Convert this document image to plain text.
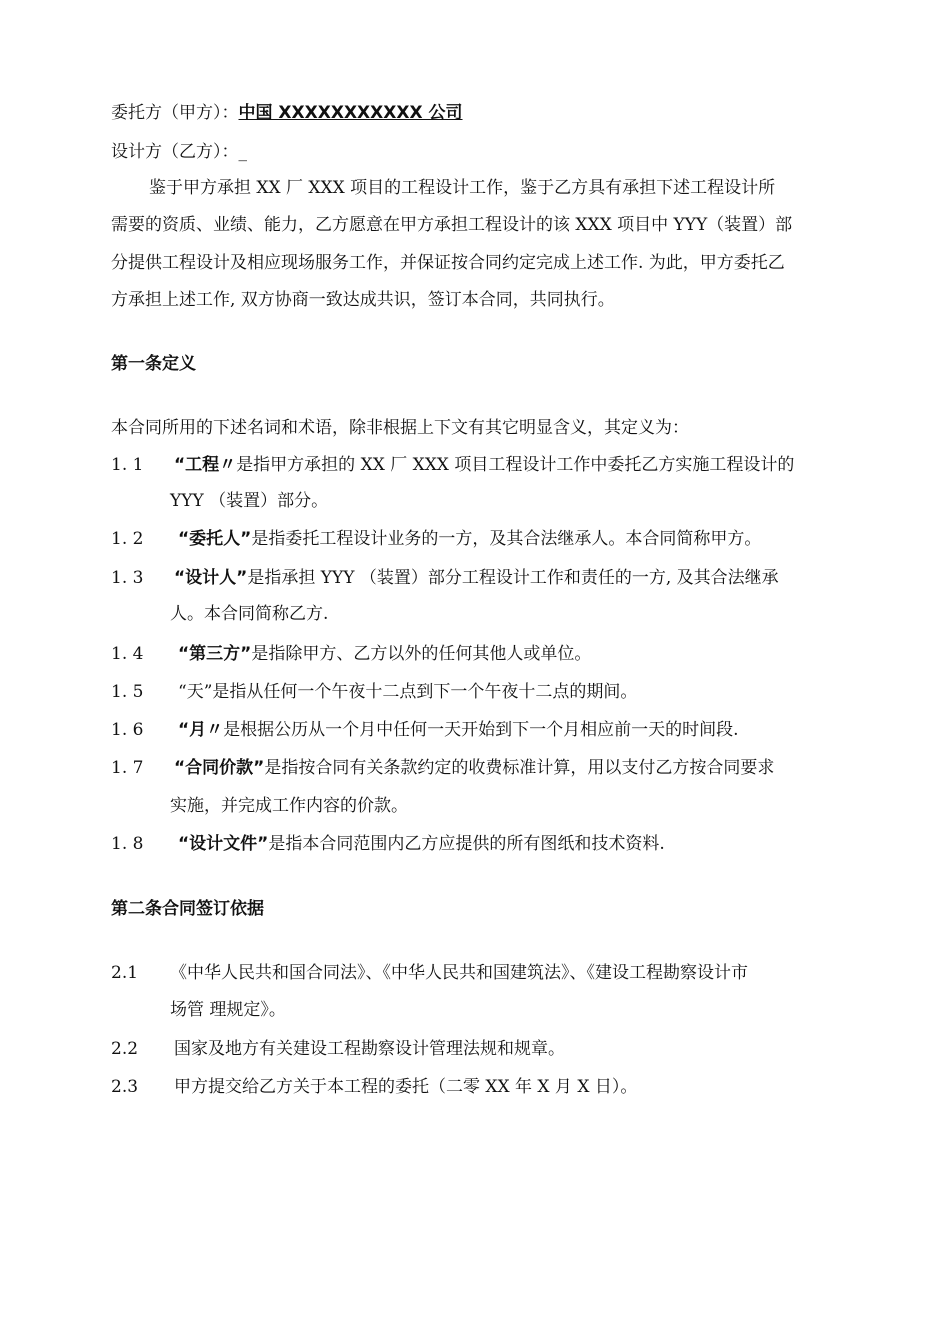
委托方（甲方）：中国 XXXXXXXXXXX 公司
设计方（乙方）：_
鉴于甲方承担 XX 厂 XXX 项目的工程设计工作，鉴于乙方具有承担下述工程设计所
需要的资质、业绩、能力，乙方愿意在甲方承担工程设计的该 XXX 项目中 YYY（装置）部
分提供工程设计及相应现场服务工作，并保证按合同约定完成上述工作. 为此，甲方委托乙
方承担上述工作, 双方协商一致达成共识，签订本合同，共同执行。
第一条定义
本合同所用的下述名词和术语，除非根据上下文有其它明显含义，其定义为：
1. 1 “工程〃是指甲方承担的 XX 厂 XXX 项目工程设计工作中委托乙方实施工程设计的
YYY （装置）部分。
1. 2 “委托人”是指委托工程设计业务的一方，及其合法继承人。本合同简称甲方。
1. 3 “设计人”是指承担 YYY （装置）部分工程设计工作和责任的一方, 及其合法继承
人。本合同简称乙方.
1. 4 “第三方”是指除甲方、乙方以外的任何其他人或单位。
1. 5 “天”是指从任何一个午夜十二点到下一个午夜十二点的期间。
1. 6 “月〃是根据公历从一个月中任何一天开始到下一个月相应前一天的时间段.
1. 7 “合同价款”是指按合同有关条款约定的收费标准计算，用以支付乙方按合同要求
实施，并完成工作内容的价款。
1. 8 “设计文件”是指本合同范围内乙方应提供的所有图纸和技术资料.
第二条合同签订依据
2.1 《中华人民共和国合同法》、《中华人民共和国建筑法》、《建设工程勘察设计市
场管 理规定》。
2.2 国家及地方有关建设工程勘察设计管理法规和规章。
2.3 甲方提交给乙方关于本工程的委托（二零 XX 年 X 月 X 日）。
